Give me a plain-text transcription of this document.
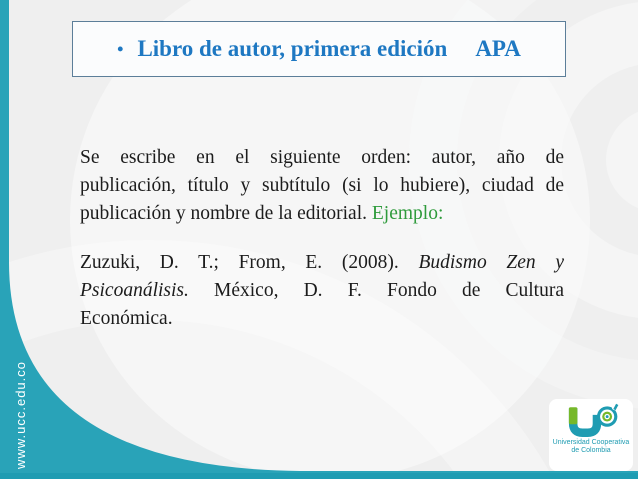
• Libro de autor, primera edición APA
Se escribe en el siguiente orden: autor, año de
publicación, título y subtítulo (si lo hubiere), ciudad de
publicación y nombre de la editorial. Ejemplo:
Zuzuki, D. T.; From, E. (2008). Budismo Zen y
Psicoanálisis. México, D. F. Fondo de Cultura
Económica.
www.ucc.edu.co	Universidad Cooperativa
de Colombia
